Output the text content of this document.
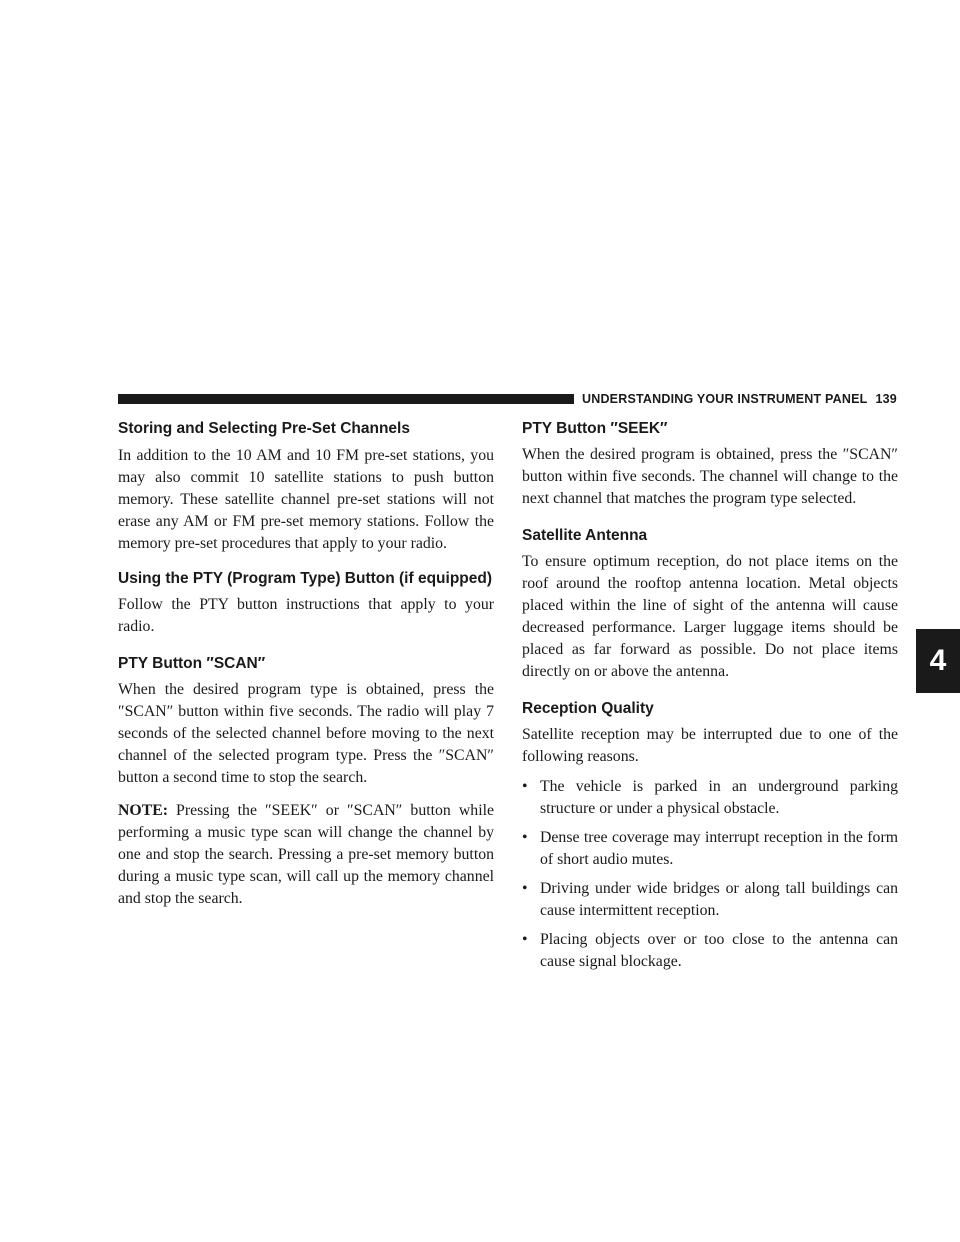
UNDERSTANDING YOUR INSTRUMENT PANEL 139
4
Storing and Selecting Pre-Set Channels

In addition to the 10 AM and 10 FM pre-set stations, you may also commit 10 satellite stations to push button memory. These satellite channel pre-set stations will not erase any AM or FM pre-set memory stations. Follow the memory pre-set procedures that apply to your radio.

Using the PTY (Program Type) Button (if equipped)

Follow the PTY button instructions that apply to your radio.

PTY Button ″SCAN″

When the desired program type is obtained, press the ″SCAN″ button within five seconds. The radio will play 7 seconds of the selected channel before moving to the next channel of the selected program type. Press the ″SCAN″ button a second time to stop the search.

NOTE: Pressing the ″SEEK″ or ″SCAN″ button while performing a music type scan will change the channel by one and stop the search. Pressing a pre-set memory button during a music type scan, will call up the memory channel and stop the search.

PTY Button ″SEEK″

When the desired program is obtained, press the ″SCAN″ button within five seconds. The channel will change to the next channel that matches the program type selected.

Satellite Antenna

To ensure optimum reception, do not place items on the roof around the rooftop antenna location. Metal objects placed within the line of sight of the antenna will cause decreased performance. Larger luggage items should be placed as far forward as possible. Do not place items directly on or above the antenna.

Reception Quality

Satellite reception may be interrupted due to one of the following reasons.

• The vehicle is parked in an underground parking structure or under a physical obstacle.
• Dense tree coverage may interrupt reception in the form of short audio mutes.
• Driving under wide bridges or along tall buildings can cause intermittent reception.
• Placing objects over or too close to the antenna can cause signal blockage.
